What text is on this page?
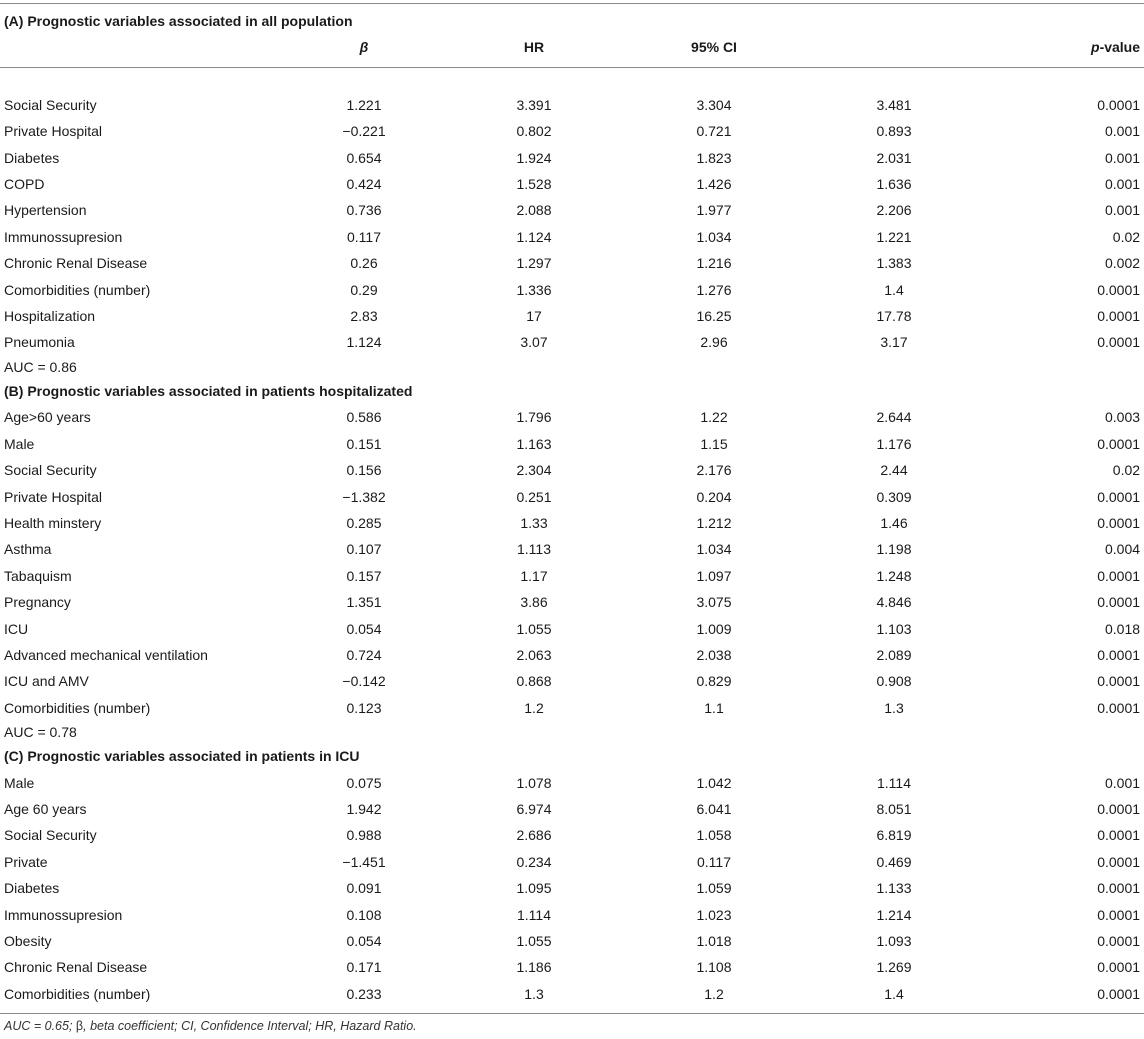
(A) Prognostic variables associated in all population					
	β	HR	95% CI		p-value

Social Security	1.221	3.391	3.304	3.481	0.0001
Private Hospital	−0.221	0.802	0.721	0.893	0.001
Diabetes	0.654	1.924	1.823	2.031	0.001
COPD	0.424	1.528	1.426	1.636	0.001
Hypertension	0.736	2.088	1.977	2.206	0.001
Immunossupresion	0.117	1.124	1.034	1.221	0.02
Chronic Renal Disease	0.26	1.297	1.216	1.383	0.002
Comorbidities (number)	0.29	1.336	1.276	1.4	0.0001
Hospitalization	2.83	17	16.25	17.78	0.0001
Pneumonia	1.124	3.07	2.96	3.17	0.0001
AUC = 0.86					
(B) Prognostic variables associated in patients hospitalizated					
Age>60 years	0.586	1.796	1.22	2.644	0.003
Male	0.151	1.163	1.15	1.176	0.0001
Social Security	0.156	2.304	2.176	2.44	0.02
Private Hospital	−1.382	0.251	0.204	0.309	0.0001
Health minstery	0.285	1.33	1.212	1.46	0.0001
Asthma	0.107	1.113	1.034	1.198	0.004
Tabaquism	0.157	1.17	1.097	1.248	0.0001
Pregnancy	1.351	3.86	3.075	4.846	0.0001
ICU	0.054	1.055	1.009	1.103	0.018
Advanced mechanical ventilation	0.724	2.063	2.038	2.089	0.0001
ICU and AMV	−0.142	0.868	0.829	0.908	0.0001
Comorbidities (number)	0.123	1.2	1.1	1.3	0.0001
AUC = 0.78					
(C) Prognostic variables associated in patients in ICU					
Male	0.075	1.078	1.042	1.114	0.001
Age 60 years	1.942	6.974	6.041	8.051	0.0001
Social Security	0.988	2.686	1.058	6.819	0.0001
Private	−1.451	0.234	0.117	0.469	0.0001
Diabetes	0.091	1.095	1.059	1.133	0.0001
Immunossupresion	0.108	1.114	1.023	1.214	0.0001
Obesity	0.054	1.055	1.018	1.093	0.0001
Chronic Renal Disease	0.171	1.186	1.108	1.269	0.0001
Comorbidities (number)	0.233	1.3	1.2	1.4	0.0001
AUC = 0.65; β, beta coefficient; CI, Confidence Interval; HR, Hazard Ratio.
